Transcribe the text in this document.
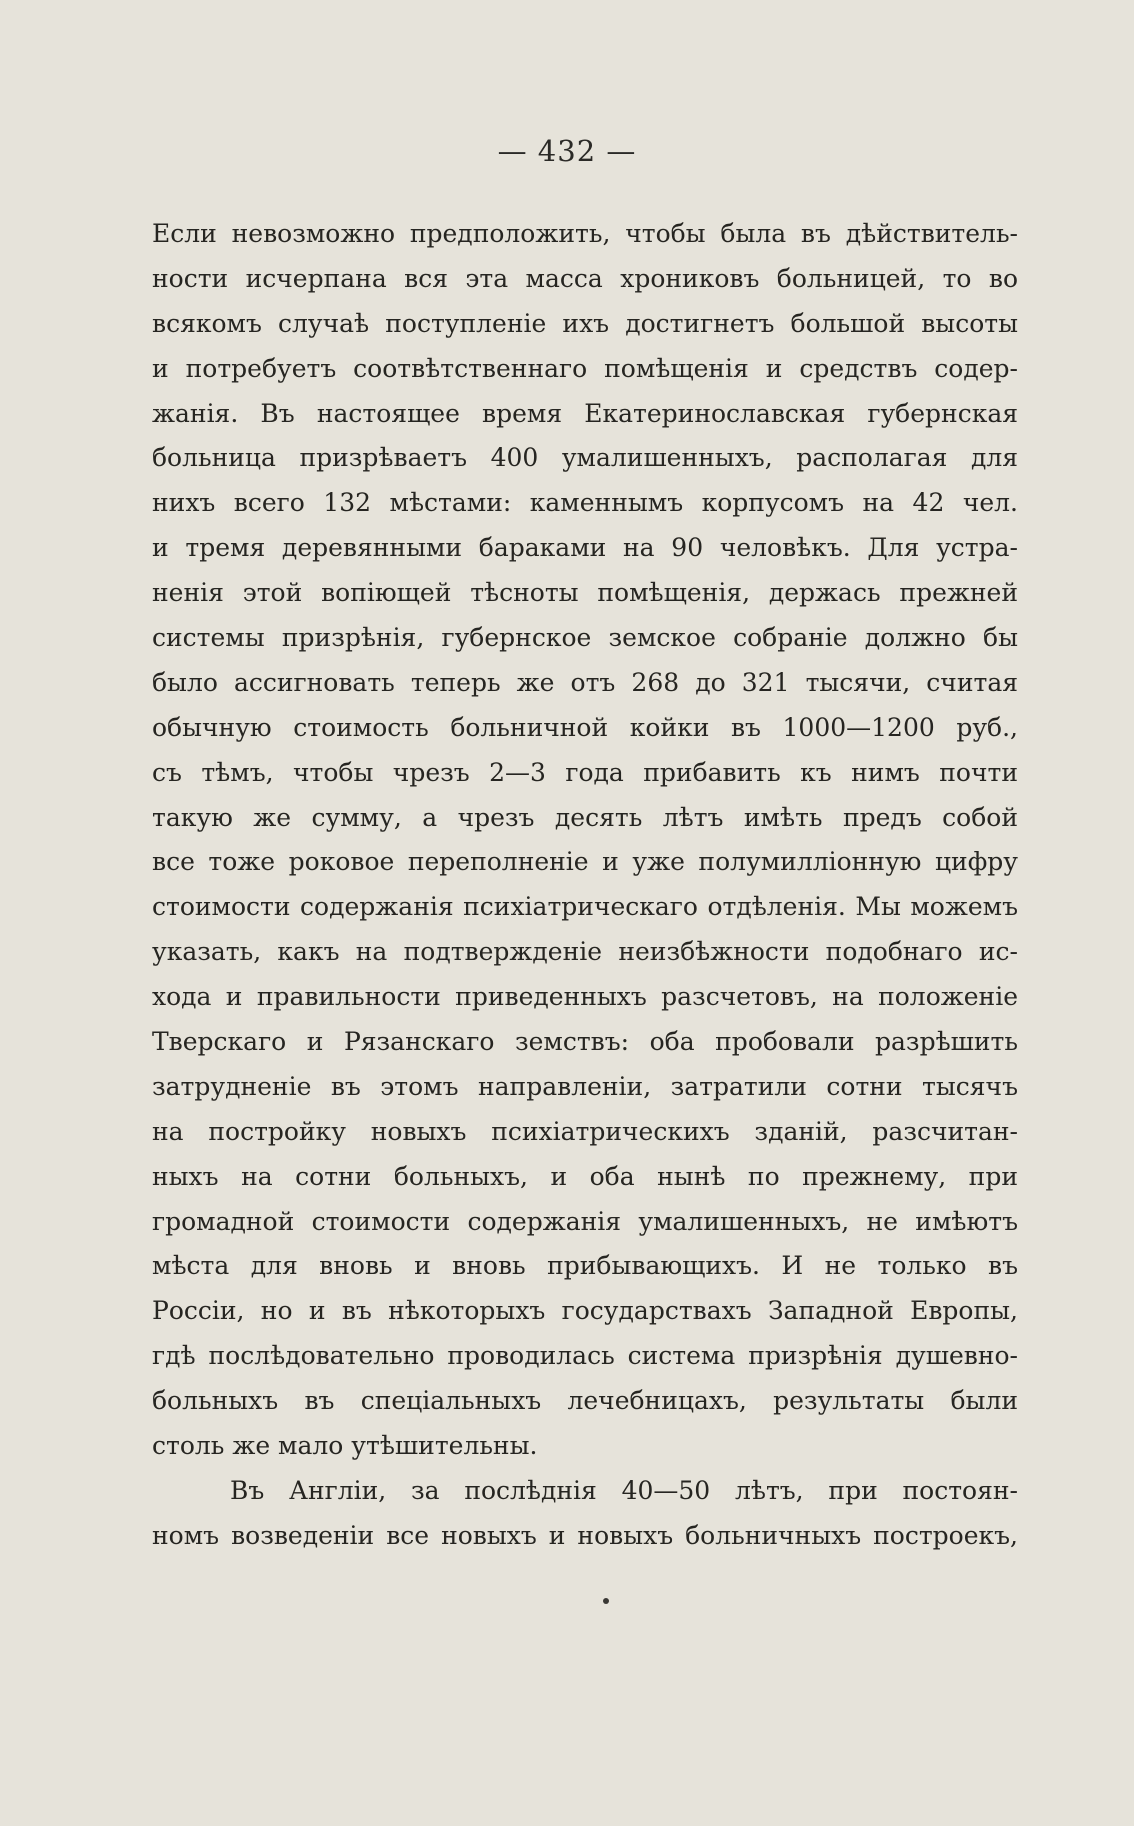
— 432 —
Если невозможно предположить, чтобы была въ дѣйствитель-
ности исчерпана вся эта масса хрониковъ больницей, то во
всякомъ случаѣ поступленіе ихъ достигнетъ большой высоты
и потребуетъ соотвѣтственнаго помѣщенія и средствъ содер-
жанія. Въ настоящее время Екатеринославская губернская
больница призрѣваетъ 400 умалишенныхъ, располагая для
нихъ всего 132 мѣстами: каменнымъ корпусомъ на 42 чел.
и тремя деревянными бараками на 90 человѣкъ. Для устра-
ненія этой вопіющей тѣсноты помѣщенія, держась прежней
системы призрѣнія, губернское земское собраніе должно бы
было ассигновать теперь же отъ 268 до 321 тысячи, считая
обычную стоимость больничной койки въ 1000—1200 руб.,
съ тѣмъ, чтобы чрезъ 2—3 года прибавить къ нимъ почти
такую же сумму, а чрезъ десять лѣтъ имѣть предъ собой
все тоже роковое переполненіе и уже полумилліонную цифру
стоимости содержанія психіатрическаго отдѣленія. Мы можемъ
указать, какъ на подтвержденіе неизбѣжности подобнаго ис-
хода и правильности приведенныхъ разсчетовъ, на положеніе
Тверскаго и Рязанскаго земствъ: оба пробовали разрѣшить
затрудненіе въ этомъ направленіи, затратили сотни тысячъ
на постройку новыхъ психіатрическихъ зданій, разсчитан-
ныхъ на сотни больныхъ, и оба нынѣ по прежнему, при
громадной стоимости содержанія умалишенныхъ, не имѣютъ
мѣста для вновь и вновь прибывающихъ. И не только въ
Россіи, но и въ нѣкоторыхъ государствахъ Западной Европы,
гдѣ послѣдовательно проводилась система призрѣнія душевно-
больныхъ въ спеціальныхъ лечебницахъ, результаты были
столь же мало утѣшительны.
Въ Англіи, за послѣднія 40—50 лѣтъ, при постоян-
номъ возведеніи все новыхъ и новыхъ больничныхъ построекъ,
